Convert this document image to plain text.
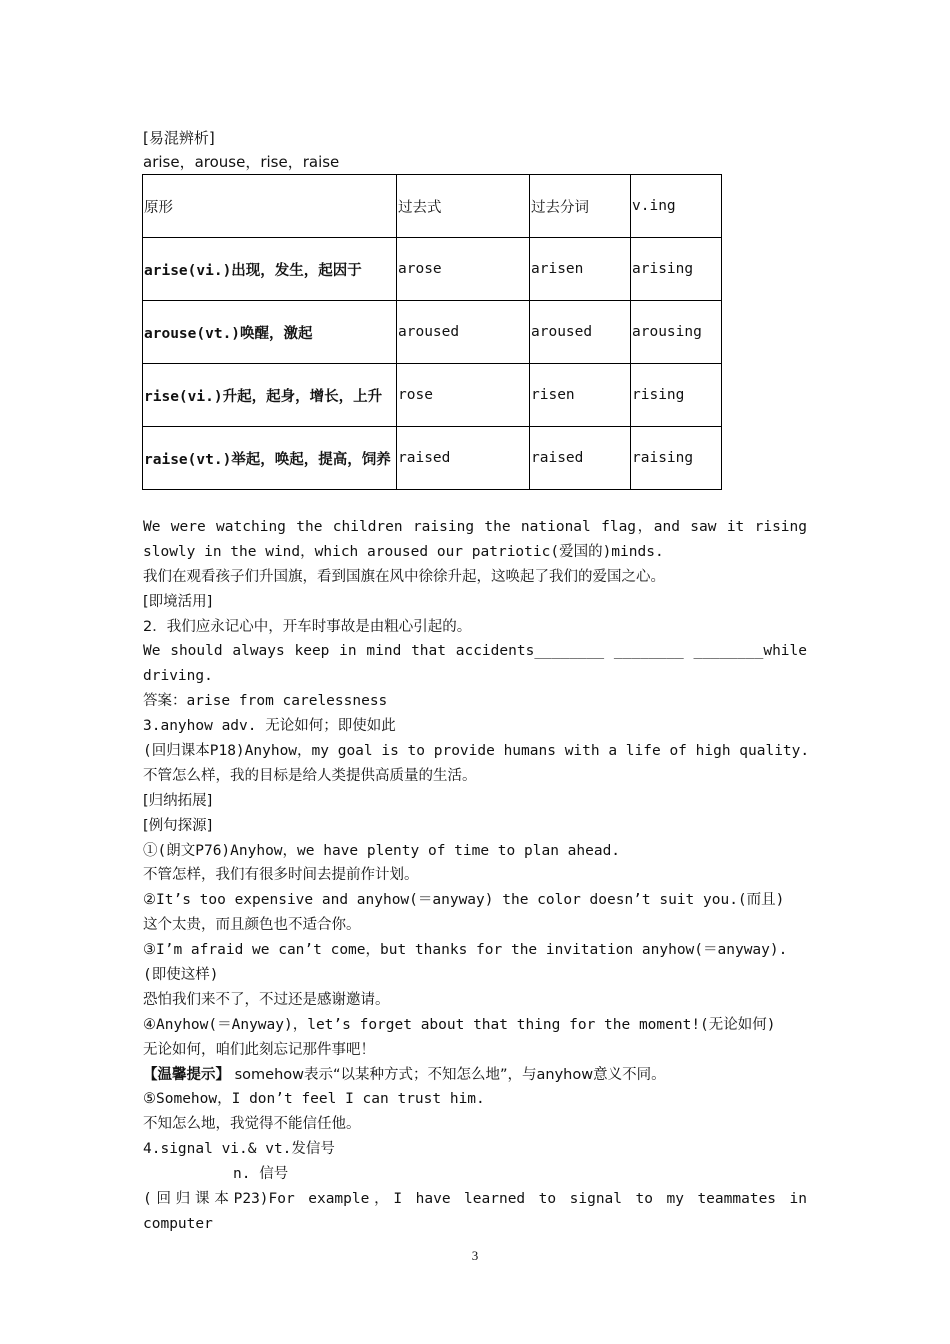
[易混辨析]
arise，arouse，rise，raise
原形	过去式	过去分词	v.ing
arise(vi.)出现，发生，起因于	arose	arisen	arising
arouse(vt.)唤醒，激起	aroused	aroused	arousing
rise(vi.)升起，起身，增长，上升	rose	risen	rising
raise(vt.)举起，唤起，提高，饲养	raised	raised	raising
We were watching the children raising the national flag，and saw it rising
slowly in the wind，which aroused our patriotic(爱国的)minds.
我们在观看孩子们升国旗，看到国旗在风中徐徐升起，这唤起了我们的爱国之心。
[即境活用]
2．我们应永记心中，开车时事故是由粗心引起的。
We should always keep in mind that accidents________ ________ ________while
driving.
答案：arise from carelessness
3.anyhow adv. 无论如何；即使如此
(回归课本P18)Anyhow，my goal is to provide humans with a life of high quality.
不管怎么样，我的目标是给人类提供高质量的生活。
[归纳拓展]
[例句探源]
①(朗文P76)Anyhow，we have plenty of time to plan ahead.
不管怎样，我们有很多时间去提前作计划。
②It’s too expensive and anyhow(＝anyway) the color doesn’t suit you.(而且)
这个太贵，而且颜色也不适合你。
③I’m afraid we can’t come，but thanks for the invitation anyhow(＝anyway).
(即使这样)
恐怕我们来不了，不过还是感谢邀请。
④Anyhow(＝Anyway)，let’s forget about that thing for the moment!(无论如何)
无论如何，咱们此刻忘记那件事吧！
【温馨提示】 somehow表示“以某种方式；不知怎么地”，与anyhow意义不同。
⑤Somehow，I don’t feel I can trust him.
不知怎么地，我觉得不能信任他。
4.signal vi.& vt.发信号
n. 信号
(回归课本P23)For example，I have learned to signal to my teammates in computer
3
